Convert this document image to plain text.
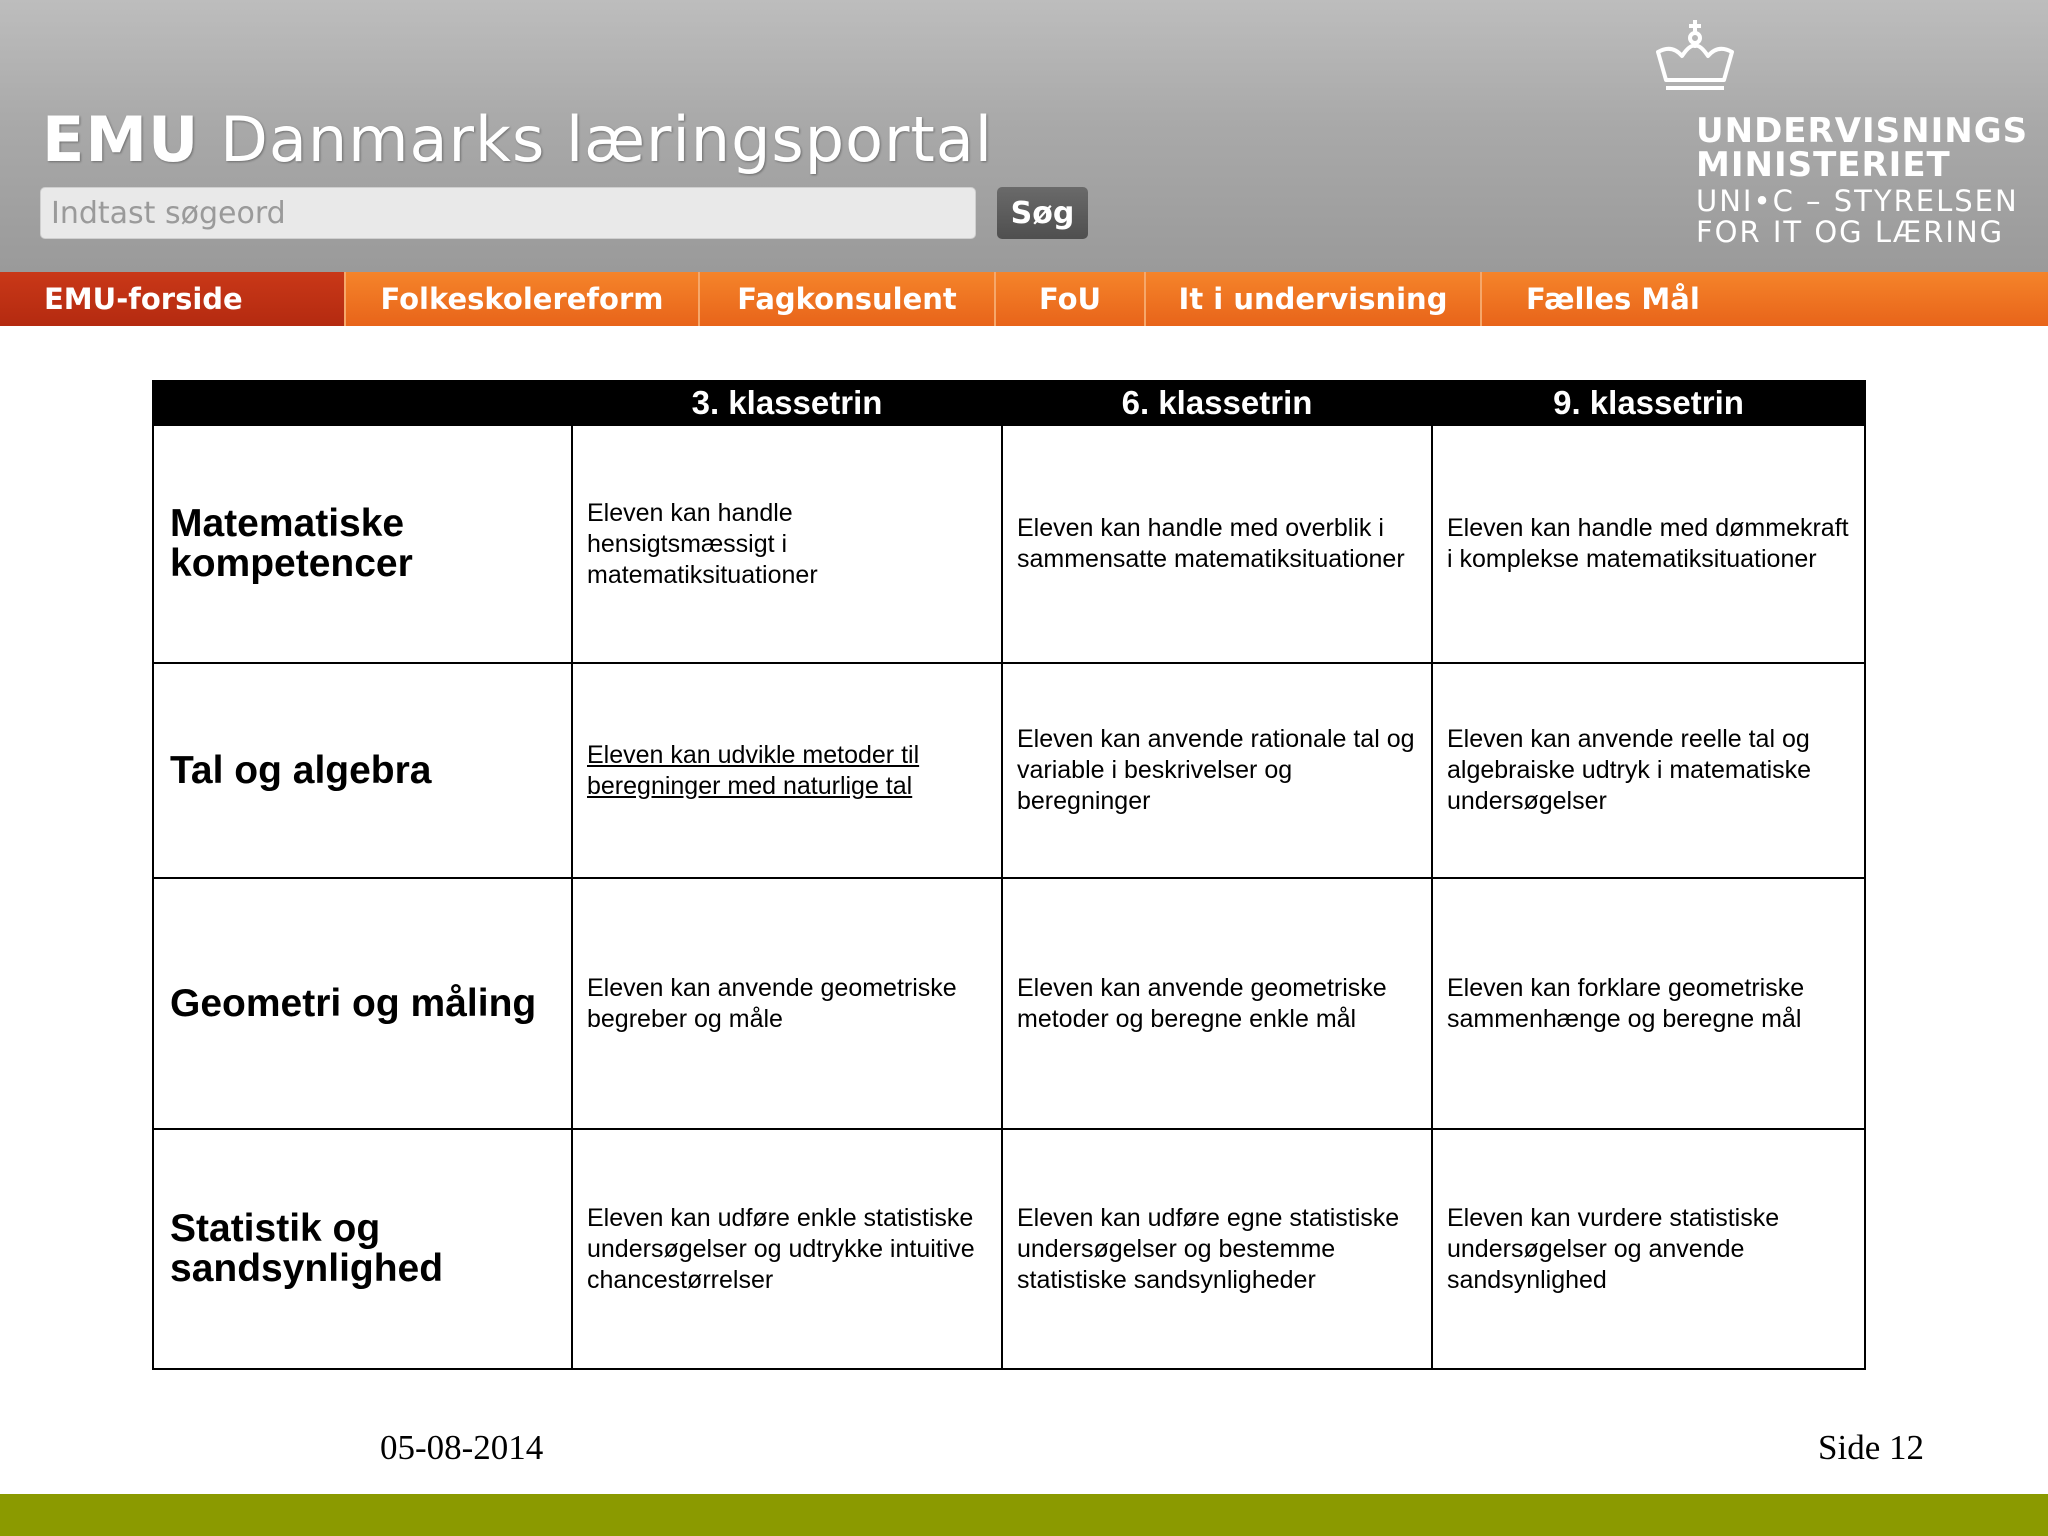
EMU Danmarks læringsportal
Indtast søgeord
Søg
UNDERVISNINGS
MINISTERIET
UNI•C – STYRELSEN
FOR IT OG LÆRING
EMU-forside	Folkeskolereform	Fagkonsulent	FoU	It i undervisning	Fælles Mål
	3. klassetrin	6. klassetrin	9. klassetrin
Matematiske kompetencer	Eleven kan handle hensigtsmæssigt i matematiksituationer	Eleven kan handle med overblik i sammensatte matematiksituationer	Eleven kan handle med dømmekraft i komplekse matematiksituationer
Tal og algebra	Eleven kan udvikle metoder til beregninger med naturlige tal	Eleven kan anvende rationale tal og variable i beskrivelser og beregninger	Eleven kan anvende reelle tal og algebraiske udtryk i matematiske undersøgelser
Geometri og måling	Eleven kan anvende geometriske begreber og måle	Eleven kan anvende geometriske metoder og beregne enkle mål	Eleven kan forklare geometriske sammenhænge og beregne mål
Statistik og sandsynlighed	Eleven kan udføre enkle statistiske undersøgelser og udtrykke intuitive chancestørrelser	Eleven kan udføre egne statistiske undersøgelser og bestemme statistiske sandsynligheder	Eleven kan vurdere statistiske undersøgelser og anvende sandsynlighed
05-08-2014	Side 12
